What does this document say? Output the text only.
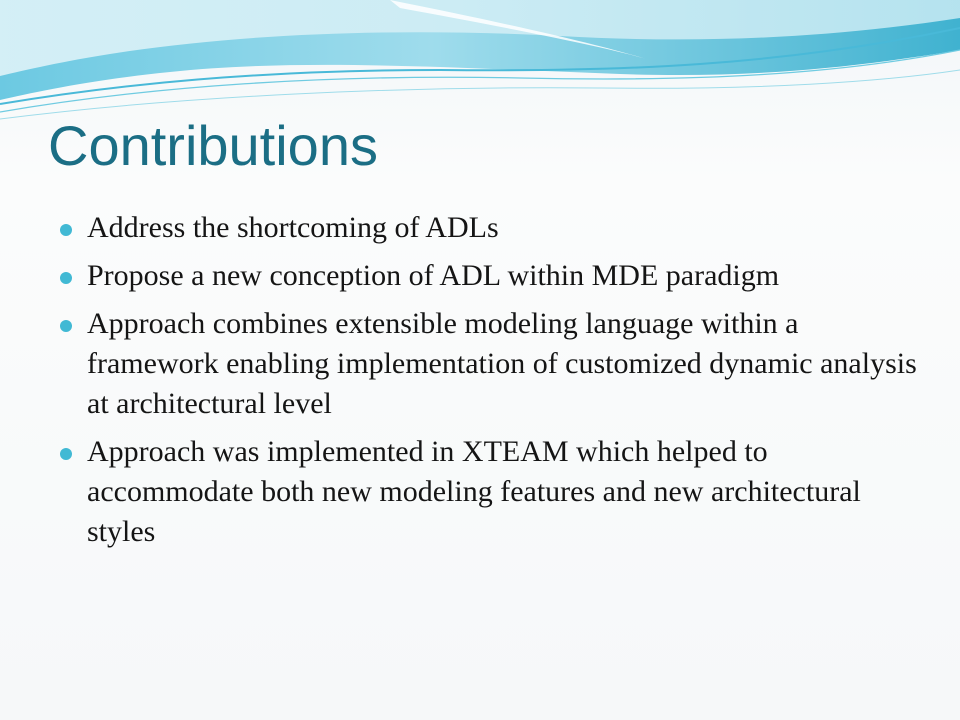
Contributions
Address the shortcoming of ADLs
Propose a new conception of ADL within MDE paradigm
Approach combines extensible modeling language within a framework enabling implementation of customized dynamic analysis at architectural level
Approach was implemented in XTEAM which helped to accommodate both new modeling features and new architectural styles
